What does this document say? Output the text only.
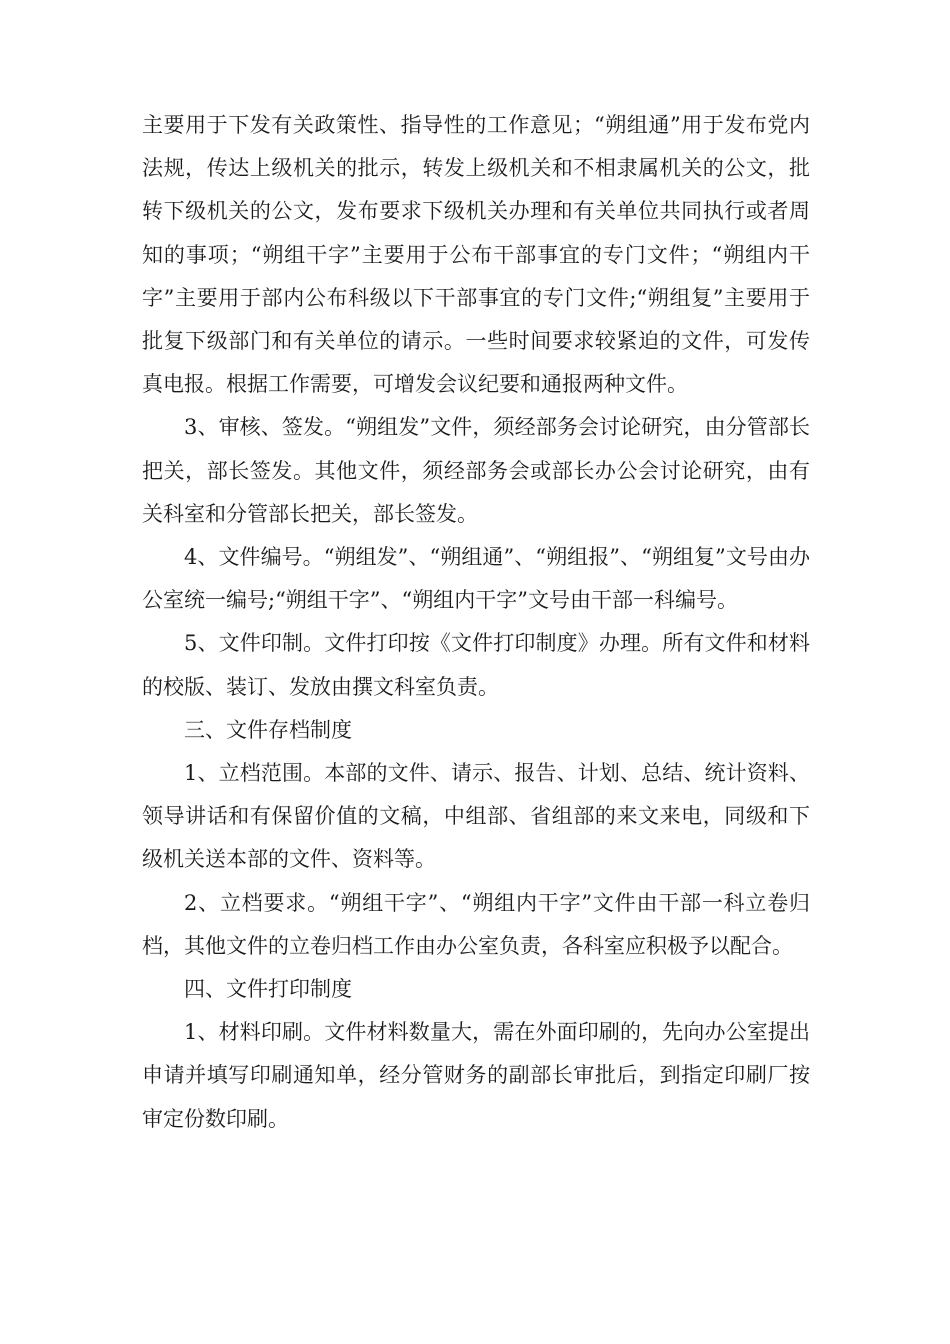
主要用于下发有关政策性、指导性的工作意见；“朔组通”用于发布党内法规，传达上级机关的批示，转发上级机关和不相隶属机关的公文，批转下级机关的公文，发布要求下级机关办理和有关单位共同执行或者周知的事项；“朔组干字”主要用于公布干部事宜的专门文件；“朔组内干字”主要用于部内公布科级以下干部事宜的专门文件;“朔组复”主要用于批复下级部门和有关单位的请示。一些时间要求较紧迫的文件，可发传真电报。根据工作需要，可增发会议纪要和通报两种文件。

3、审核、签发。“朔组发”文件，须经部务会讨论研究，由分管部长把关，部长签发。其他文件，须经部务会或部长办公会讨论研究，由有关科室和分管部长把关，部长签发。

4、文件编号。“朔组发”、“朔组通”、“朔组报”、“朔组复”文号由办公室统一编号;“朔组干字”、“朔组内干字”文号由干部一科编号。

5、文件印制。文件打印按《文件打印制度》办理。所有文件和材料的校版、装订、发放由撰文科室负责。

三、文件存档制度

1、立档范围。本部的文件、请示、报告、计划、总结、统计资料、领导讲话和有保留价值的文稿，中组部、省组部的来文来电，同级和下级机关送本部的文件、资料等。

2、立档要求。“朔组干字”、“朔组内干字”文件由干部一科立卷归档，其他文件的立卷归档工作由办公室负责，各科室应积极予以配合。

四、文件打印制度

1、材料印刷。文件材料数量大，需在外面印刷的，先向办公室提出申请并填写印刷通知单，经分管财务的副部长审批后，到指定印刷厂按审定份数印刷。
